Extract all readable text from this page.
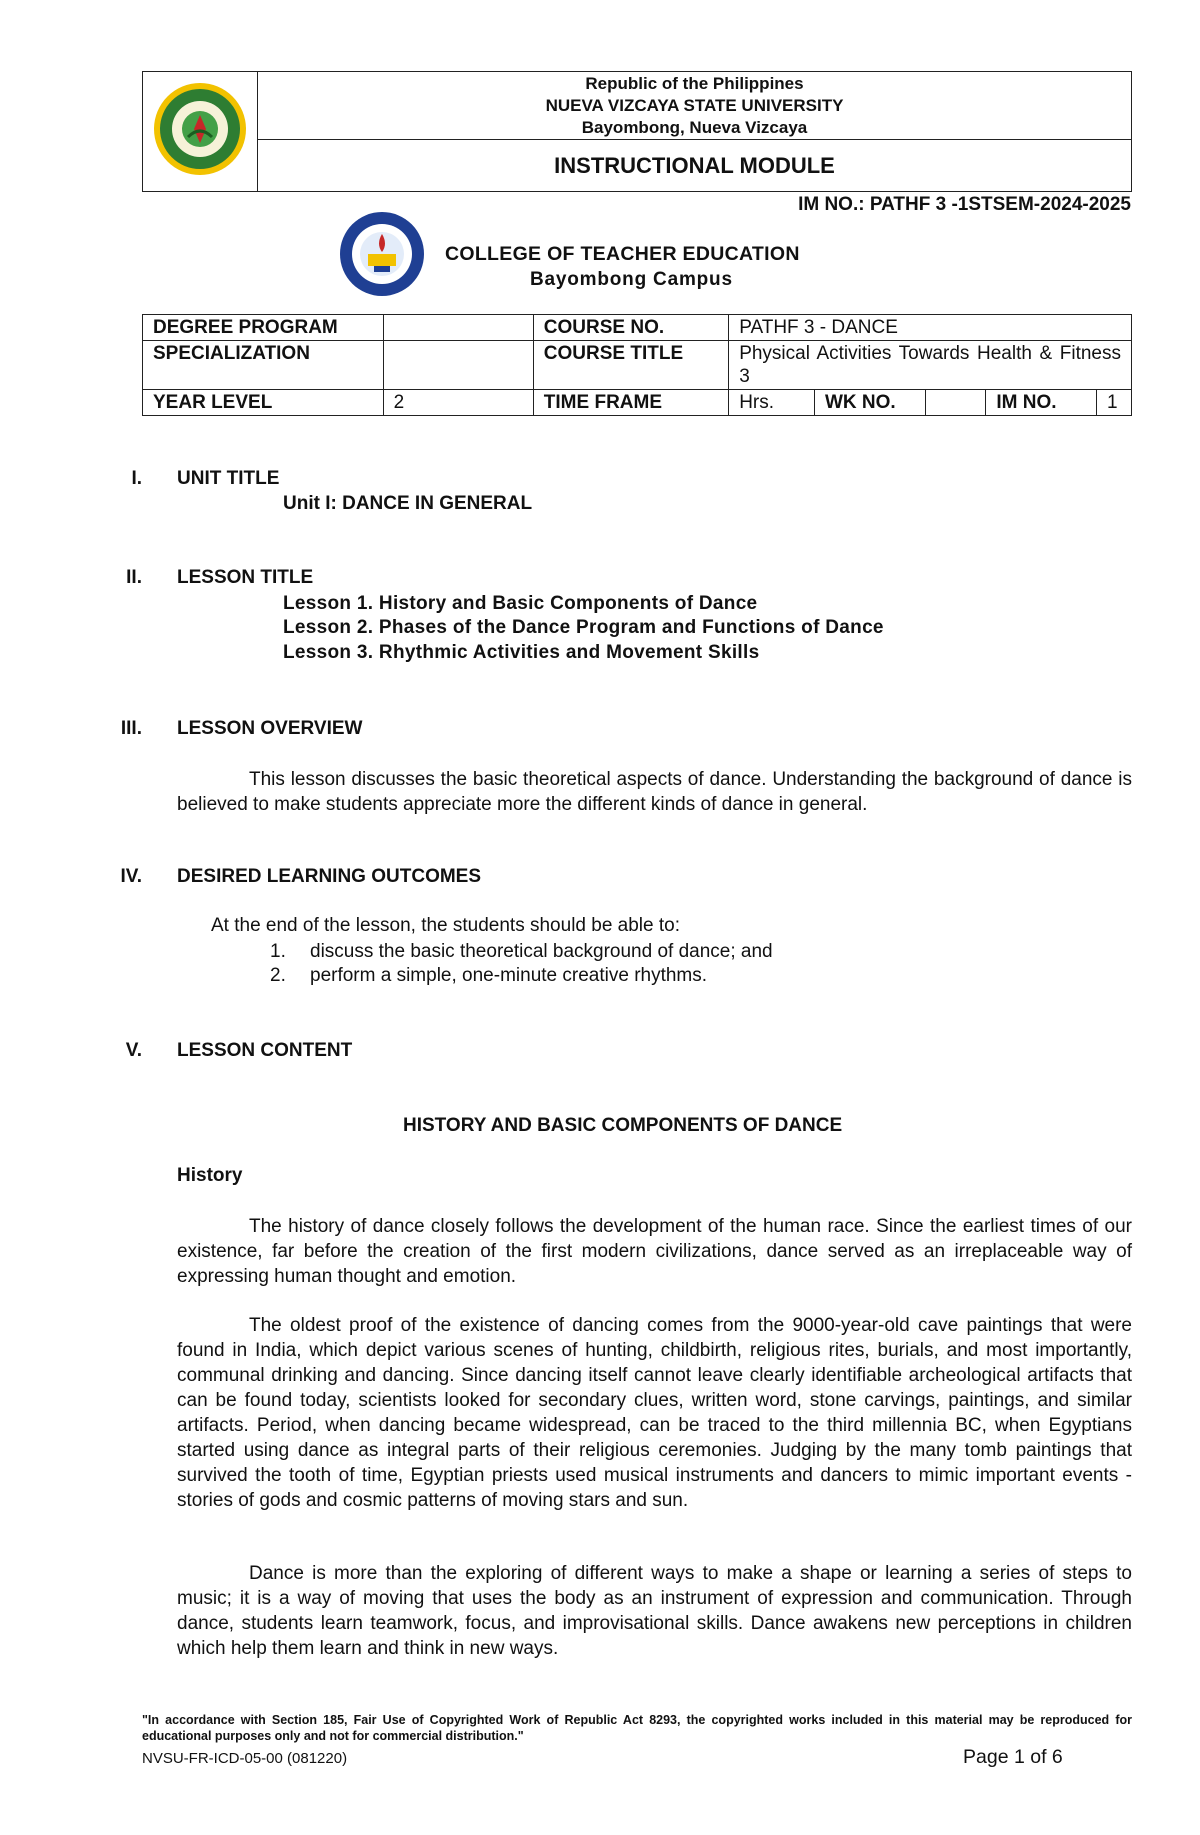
Republic of the Philippines
NUEVA VIZCAYA STATE UNIVERSITY
Bayombong, Nueva Vizcaya

INSTRUCTIONAL MODULE
IM NO.: PATHF 3 -1STSEM-2024-2025
COLLEGE OF TEACHER EDUCATION
Bayombong Campus
DEGREE PROGRAM		COURSE NO.	PATHF 3 - DANCE				
SPECIALIZATION		COURSE TITLE	Physical Activities Towards Health & Fitness 3				
YEAR LEVEL	2	TIME FRAME	Hrs.	WK NO.		IM NO.	1
I. UNIT TITLE
Unit I: DANCE IN GENERAL
II. LESSON TITLE
Lesson 1. History and Basic Components of Dance
Lesson 2. Phases of the Dance Program and Functions of Dance
Lesson 3. Rhythmic Activities and Movement Skills
III. LESSON OVERVIEW
This lesson discusses the basic theoretical aspects of dance. Understanding the background of dance is believed to make students appreciate more the different kinds of dance in general.
IV. DESIRED LEARNING OUTCOMES
At the end of the lesson, the students should be able to:
1. discuss the basic theoretical background of dance; and
2. perform a simple, one-minute creative rhythms.
V. LESSON CONTENT
HISTORY AND BASIC COMPONENTS OF DANCE
History
The history of dance closely follows the development of the human race. Since the earliest times of our existence, far before the creation of the first modern civilizations, dance served as an irreplaceable way of expressing human thought and emotion.
The oldest proof of the existence of dancing comes from the 9000-year-old cave paintings that were found in India, which depict various scenes of hunting, childbirth, religious rites, burials, and most importantly, communal drinking and dancing. Since dancing itself cannot leave clearly identifiable archeological artifacts that can be found today, scientists looked for secondary clues, written word, stone carvings, paintings, and similar artifacts. Period, when dancing became widespread, can be traced to the third millennia BC, when Egyptians started using dance as integral parts of their religious ceremonies. Judging by the many tomb paintings that survived the tooth of time, Egyptian priests used musical instruments and dancers to mimic important events - stories of gods and cosmic patterns of moving stars and sun.
Dance is more than the exploring of different ways to make a shape or learning a series of steps to music; it is a way of moving that uses the body as an instrument of expression and communication. Through dance, students learn teamwork, focus, and improvisational skills. Dance awakens new perceptions in children which help them learn and think in new ways.
"In accordance with Section 185, Fair Use of Copyrighted Work of Republic Act 8293, the copyrighted works included in this material may be reproduced for educational purposes only and not for commercial distribution."
NVSU-FR-ICD-05-00 (081220)	Page 1 of 6
